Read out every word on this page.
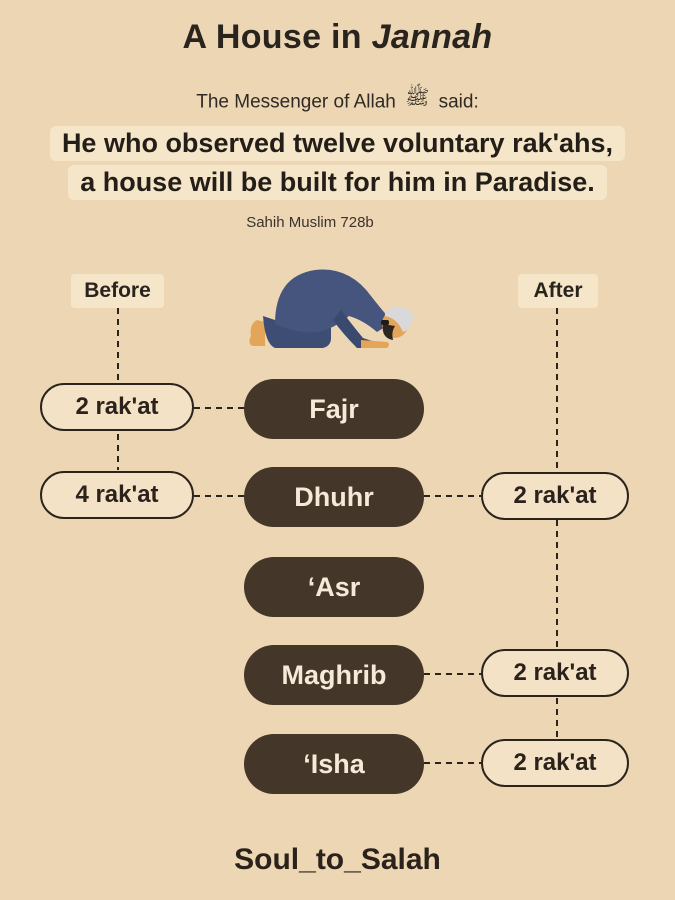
A House in Jannah
The Messenger of Allah ﷺ said:
He who observed twelve voluntary rak'ahs,
a house will be built for him in Paradise.
Sahih Muslim 728b
Before	After
Fajr
Dhuhr
‘Asr
Maghrib
‘Isha
2 rak'at
4 rak'at	2 rak'at
2 rak'at
2 rak'at
Soul_to_Salah
